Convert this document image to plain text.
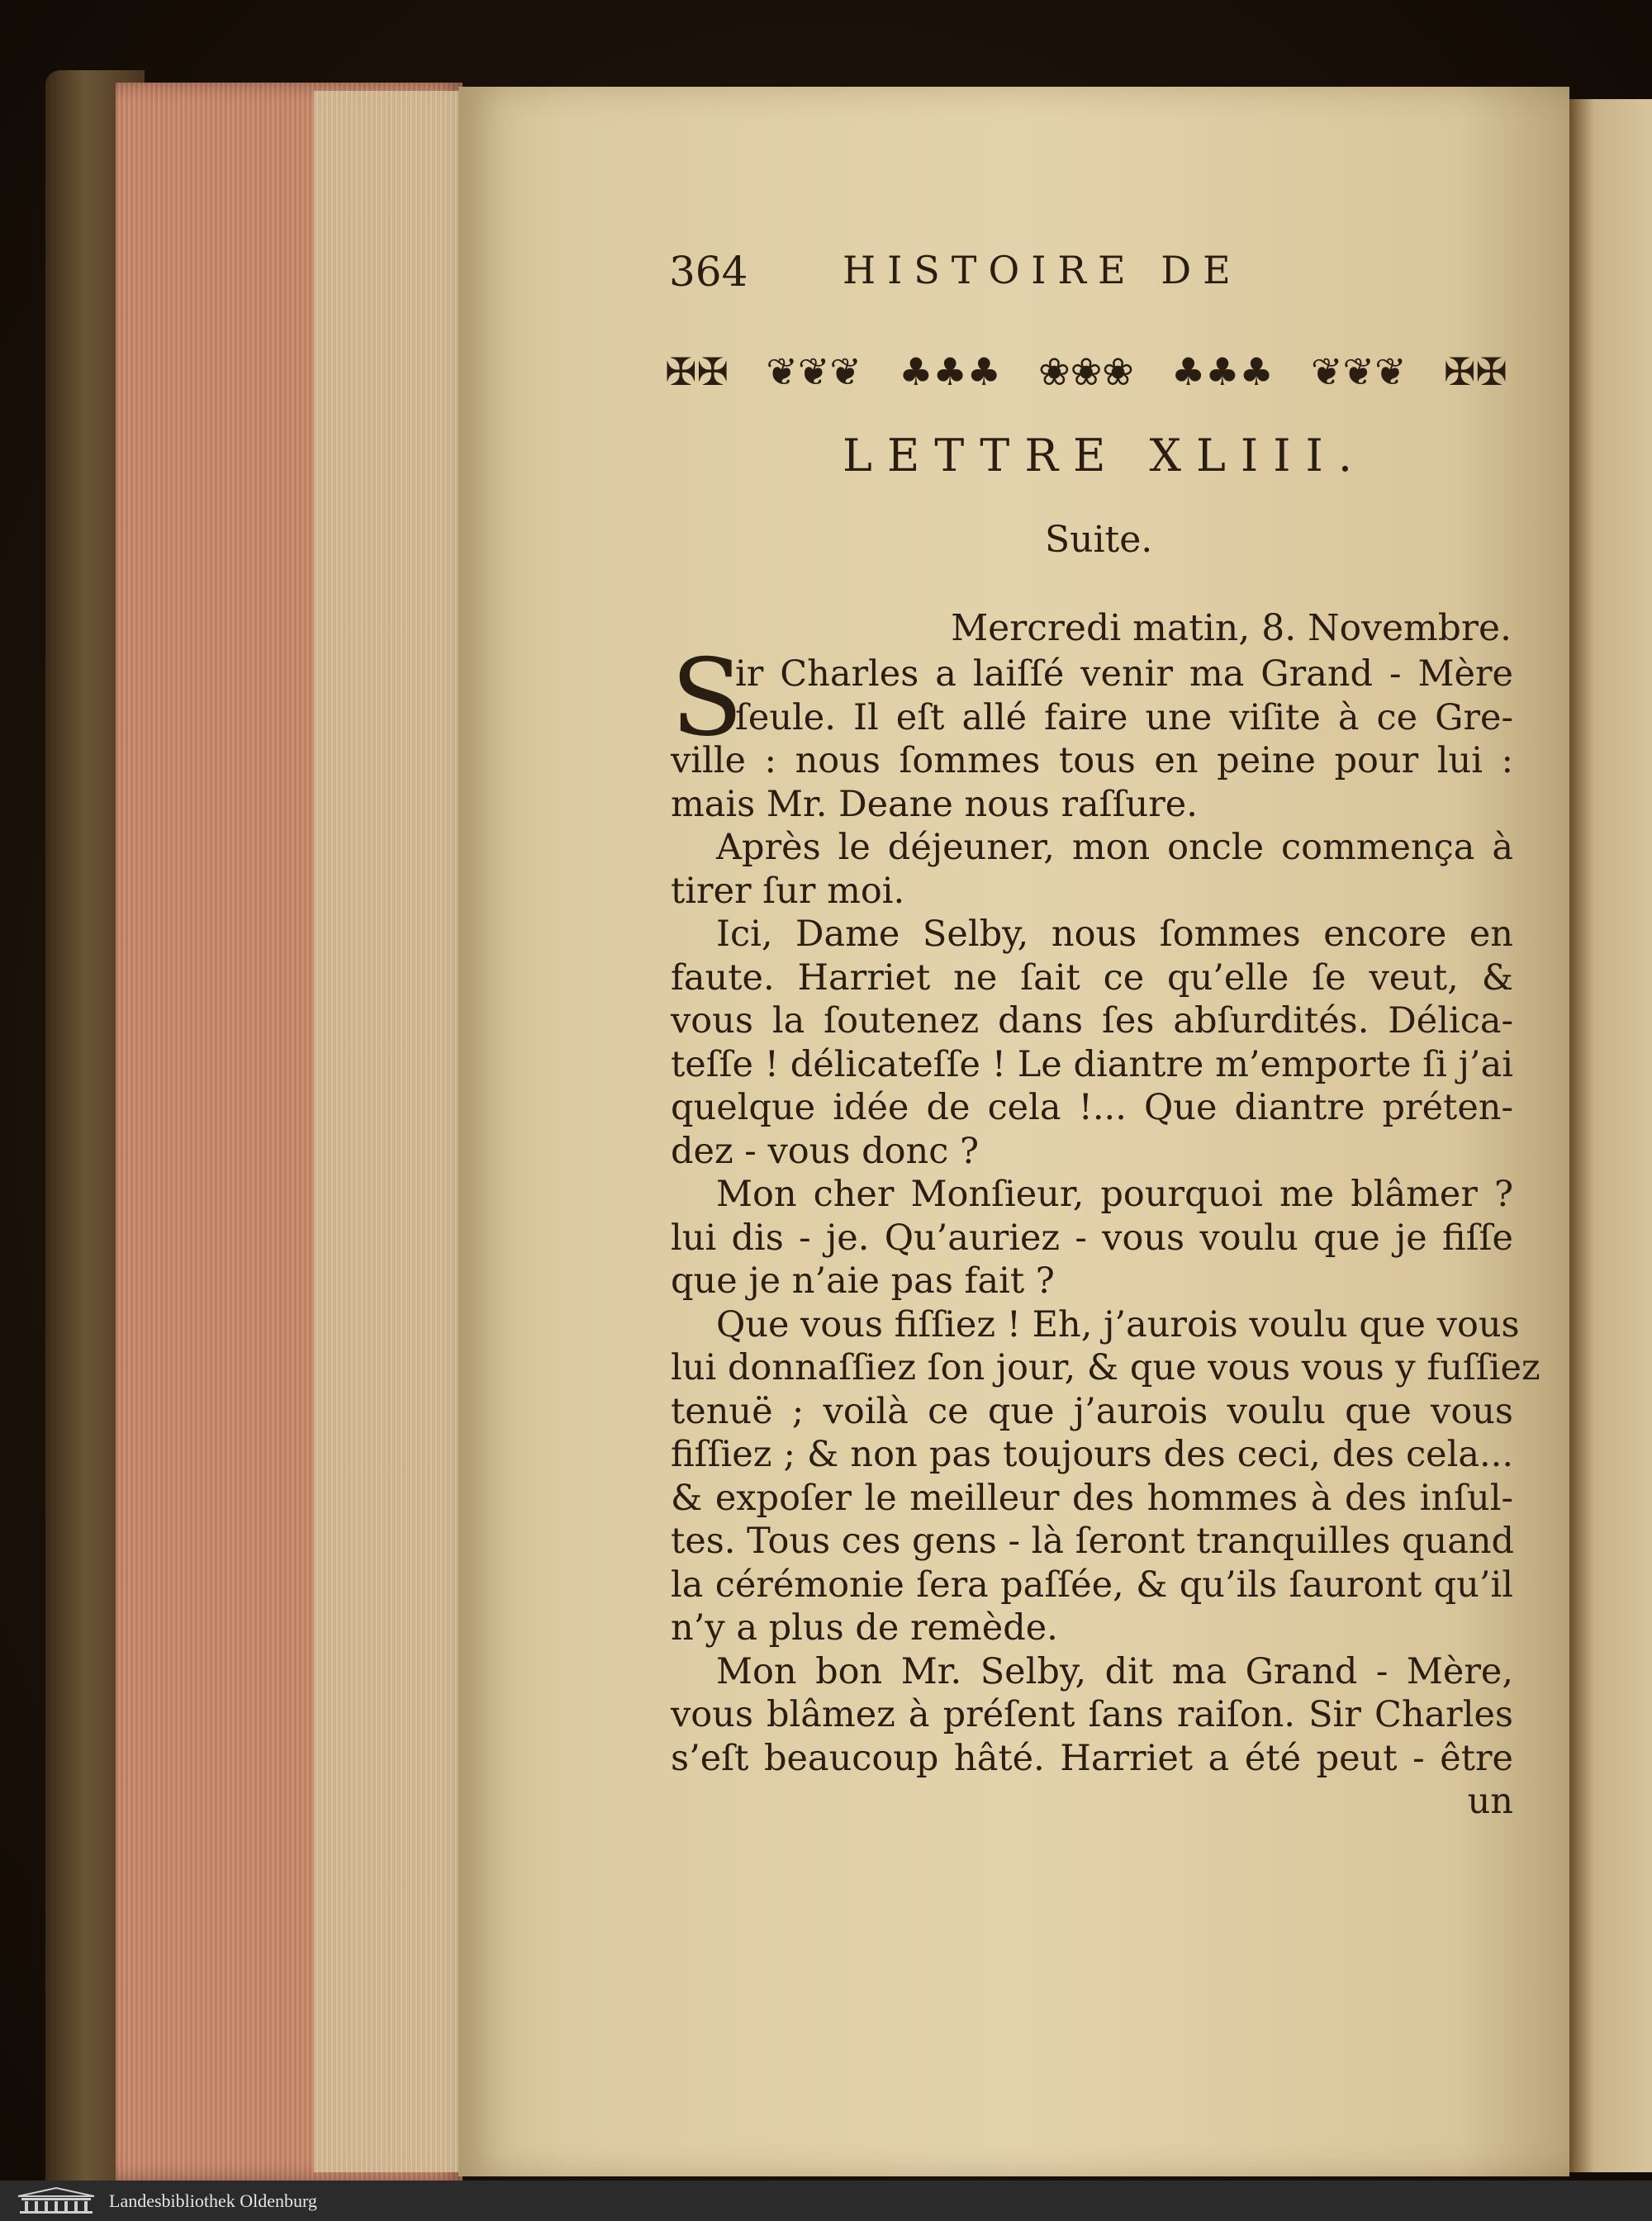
364 HISTOIRE DE
✠✠ ❦❦❦ ♣♣♣ ❀❀❀ ♣♣♣ ❦❦❦ ✠✠
LETTRE XLIII.
Suite.
Mercredi matin, 8. Novembre.
S
ir Charles a laiſſé venir ma Grand - Mère
ſeule. Il eſt allé faire une viſite à ce Gre-
ville : nous ſommes tous en peine pour lui :
mais Mr. Deane nous raſſure.
Après le déjeuner, mon oncle commença à
tirer ſur moi.
Ici, Dame Selby, nous ſommes encore en
faute. Harriet ne ſait ce qu’elle ſe veut, &
vous la ſoutenez dans ſes abſurdités. Délica-
teſſe ! délicateſſe ! Le diantre m’emporte ſi j’ai
quelque idée de cela !... Que diantre préten-
dez - vous donc ?
Mon cher Monſieur, pourquoi me blâmer ?
lui dis - je. Qu’auriez - vous voulu que je fiſſe
que je n’aie pas fait ?
Que vous fiſſiez ! Eh, j’aurois voulu que vous
lui donnaſſiez ſon jour, & que vous vous y fuſſiez
tenuë ; voilà ce que j’aurois voulu que vous
fiſſiez ; & non pas toujours des ceci, des cela...
& expoſer le meilleur des hommes à des inſul-
tes. Tous ces gens - là ſeront tranquilles quand
la cérémonie ſera paſſée, & qu’ils ſauront qu’il
n’y a plus de remède.
Mon bon Mr. Selby, dit ma Grand - Mère,
vous blâmez à préſent ſans raiſon. Sir Charles
s’eſt beaucoup hâté. Harriet a été peut - être
un
Landesbibliothek Oldenburg
